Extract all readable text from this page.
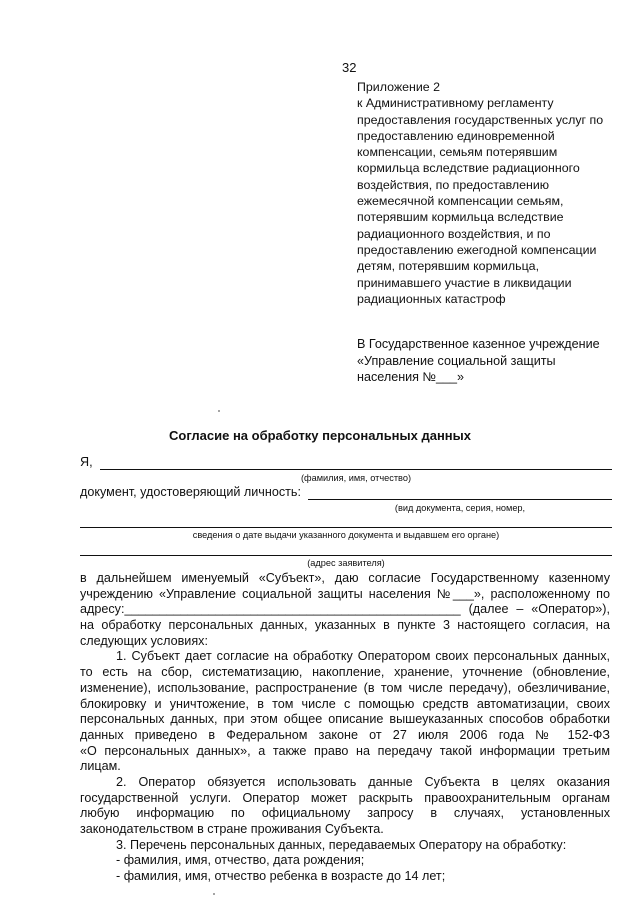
32
Приложение 2
к Административному регламенту
предоставления государственных услуг по
предоставлению единовременной
компенсации, семьям потерявшим
кормильца вследствие радиационного
воздействия, по предоставлению
ежемесячной компенсации семьям,
потерявшим кормильца вследствие
радиационного воздействия, и по
предоставлению ежегодной компенсации
детям, потерявшим кормильца,
принимавшего участие в ликвидации
радиационных катастроф
В Государственное казенное учреждение
«Управление социальной защиты
населения №___»
Согласие на обработку персональных данных
Я,
(фамилия, имя, отчество)
документ, удостоверяющий личность:
(вид документа, серия, номер,
сведения о дате выдачи указанного документа и выдавшем его органе)
(адрес заявителя)
в дальнейшем именуемый «Субъект», даю согласие Государственному казенному
учреждению «Управление социальной защиты населения №___», расположенному по
адресу:________________________________________________ (далее – «Оператор»),
на обработку персональных данных, указанных в пункте 3 настоящего согласия, на
следующих условиях:
1. Субъект дает согласие на обработку Оператором своих персональных данных,
то есть на сбор, систематизацию, накопление, хранение, уточнение (обновление,
изменение), использование, распространение (в том числе передачу), обезличивание,
блокировку и уничтожение, в том числе с помощью средств автоматизации, своих
персональных данных, при этом общее описание вышеуказанных способов обработки
данных приведено в Федеральном законе от 27 июля 2006 года № 152-ФЗ
«О персональных данных», а также право на передачу такой информации третьим
лицам.
2. Оператор обязуется использовать данные Субъекта в целях оказания
государственной услуги. Оператор может раскрыть правоохранительным органам
любую информацию по официальному запросу в случаях, установленных
законодательством в стране проживания Субъекта.
3. Перечень персональных данных, передаваемых Оператору на обработку:
- фамилия, имя, отчество, дата рождения;
- фамилия, имя, отчество ребенка в возрасте до 14 лет;
